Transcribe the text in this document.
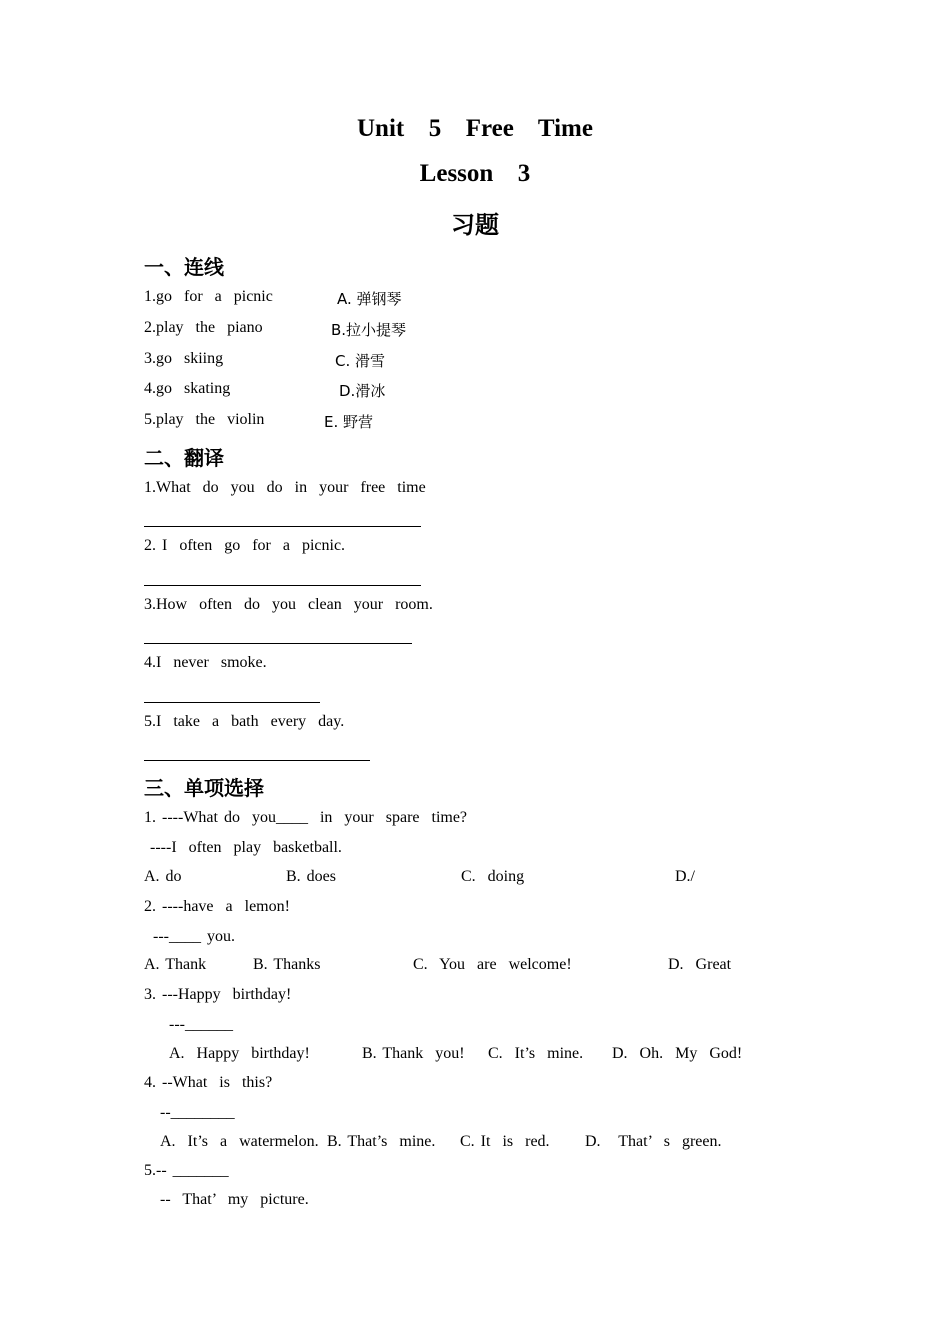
Unit  5  Free  Time
Lesson  3
习题
一、连线
1.go  for  a  picnic	A. 弹钢琴
2.play  the  piano	B.拉小提琴
3.go  skiing	C. 滑雪
4.go  skating	D.滑冰
5.play  the  violin	E. 野营
二、翻译
1.What  do  you  do  in  your  free  time
2. I  often  go  for  a  picnic.
3.How  often  do  you  clean  your  room.
4.I  never  smoke.
5.I  take  a  bath  every  day.
三、单项选择
1. ----What do  you____  in  your  spare  time?
----I  often  play  basketball.
A. do	B. does	C.  doing	D./
2. ----have  a  lemon!
---____ you.
A. Thank	B. Thanks	C.  You  are  welcome!	D.  Great
3. ---Happy  birthday!
---______
A.  Happy  birthday!	B. Thank  you! C.  It’s  mine. D.  Oh.  My  God!
4. --What  is  this?
--________
A.  It’s  a  watermelon. B. That’s  mine. C. It  is  red. D.   That’  s  green.
5.-- _______
--  That’  my  picture.
